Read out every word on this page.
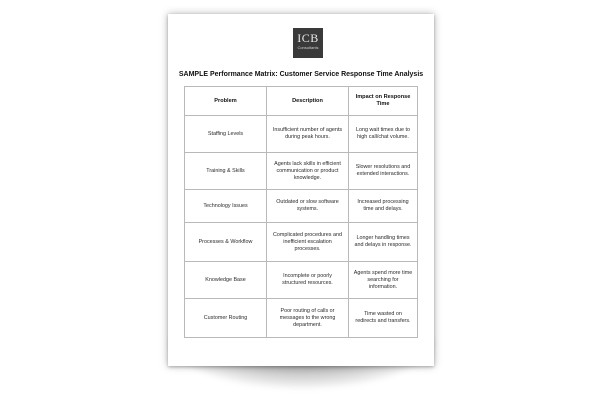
ICB
Consultants
SAMPLE Performance Matrix: Customer Service Response Time Analysis
Problem	Description	Impact on Response Time
Staffing Levels	Insufficient number of agents during peak hours.	Long wait times due to high call/chat volume.
Training & Skills	Agents lack skills in efficient communication or product knowledge.	Slower resolutions and extended interactions.
Technology Issues	Outdated or slow software systems.	Increased processing time and delays.
Processes & Workflow	Complicated procedures and inefficient escalation processes.	Longer handling times and delays in response.
Knowledge Base	Incomplete or poorly structured resources.	Agents spend more time searching for information.
Customer Routing	Poor routing of calls or messages to the wrong department.	Time wasted on redirects and transfers.
